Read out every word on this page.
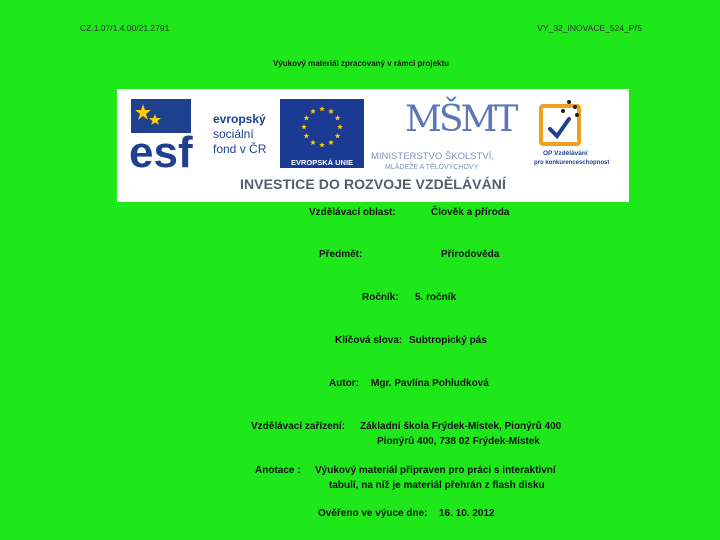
CZ.1.07/1.4.00/21.2791	VY_32_INOVACE_524_Př5
Výukový materiál zpracovaný v rámci projektu
esf
evropský
sociální
fond v ČR
EVROPSKÁ UNIE
MŠMT
MINISTERSTVO ŠKOLSTVÍ,
MLÁDEŽE A TĚLOVÝCHOVY
OP Vzdělávání
pro konkurenceschopnost
INVESTICE DO ROZVOJE VZDĚLÁVÁNÍ
Vzdělávací oblast:	Člověk a příroda
Předmět:	Přírodověda
Ročník: 5. ročník
Klíčová slova: Subtropický pás
Autor: Mgr. Pavlína Pohludková
Vzdělávací zařízení: Základní škola Frýdek-Místek, Pionýrů 400
Pionýrů 400, 738 02 Frýdek-Místek
Anotace : Výukový materiál připraven pro práci s interaktivní
tabulí, na níž je materiál přehrán z flash disku
Ověřeno ve výuce dne: 16. 10. 2012
